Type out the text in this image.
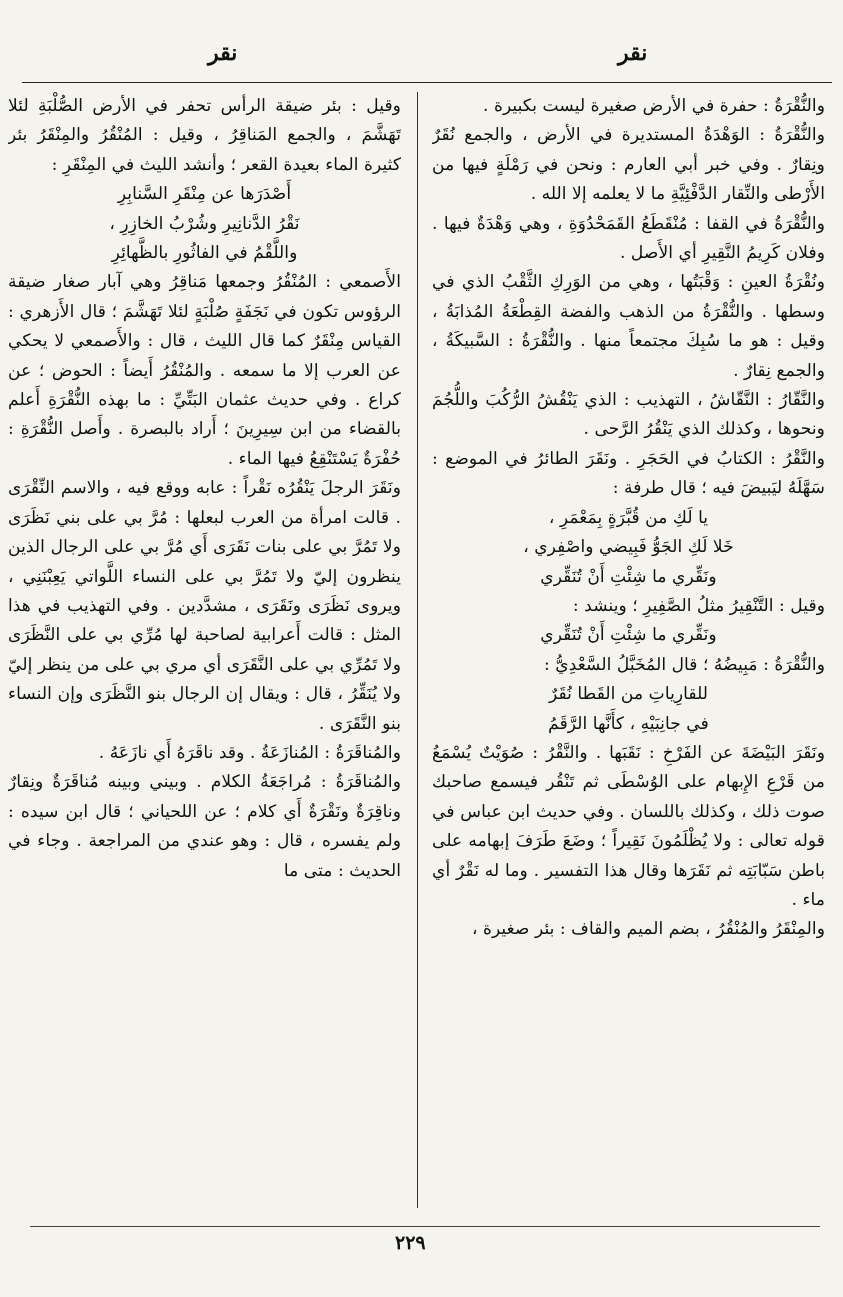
نقر
نقر

والنُّقْرَةُ : حفرة في الأرض صغيرة ليست بكبيرة .

والنُّقْرَةُ : الوَهْدَةُ المستديرة في الأرض ، والجمع نُقَرٌ ونِقارٌ . وفي خبر أبي العارم : ونحن في رَمْلَةٍ فيها من الأَرْطى والنِّقار الدَّفْئِيَّةِ ما لا يعلمه إلا الله .

والنُّقْرَةُ في القفا : مُنْقَطَعُ القَمَحْدُوَةِ ، وهي وَهْدَةٌ فيها . وفلان كَرِيمُ النَّقِيرِ أي الأَصل .

ونُقْرَةُ العينِ : وَقْبَتُها ، وهي من الوَرِكِ الثَّقْبُ الذي في وسطها . والنُّقْرَةُ من الذهب والفضة القِطْعَةُ المُذابَةُ ، وقيل : هو ما سُبِكَ مجتمعاً منها . والنُّقْرَةُ : السَّبيكَةُ ، والجمع نِقارٌ .

والنَّقّارُ : النَّقّاشُ ، التهذيب : الذي يَنْقُشُ الرُّكُبَ واللُّجُمَ ونحوها ، وكذلك الذي يَنْقُرُ الرَّحى .

والنَّقْرُ : الكتابُ في الحَجَرِ . ونَقَرَ الطائرُ في الموضع : سَهَّلَهُ ليَبيضَ فيه ؛ قال طرفة :

يا لَكِ من قُبَّرَةٍ بِمَعْمَرِ ،

خَلا لَكِ الجَوُّ فَبِيضي واصْفِري ،

ونَقِّري ما شِئْتِ أَنْ تُنَقِّري

وقيل : التَّنْقِيرُ مثلُ الصَّفِيرِ ؛ وينشد :

ونَقِّري ما شِئْتِ أَنْ تُنَقِّري

والنُّقْرَةُ : مَبِيضُهُ ؛ قال المُخَبَّلُ السَّعْدِيُّ :

للقارِياتِ من القَطا نُقَرٌ

في جانِبَيْهِ ، كأَنَّها الرَّقَمُ

ونَقَرَ البَيْضَةَ عن الفَرْخِ : نَقَبَها . والنَّقْرُ : صُوَيْتٌ يُسْمَعُ من قَرْعِ الإِبهام على الوُسْطَى ثم تَنْقُر فيسمع صاحبك صوت ذلك ، وكذلك باللسان . وفي حديث ابن عباس في قوله تعالى : ولا يُظْلَمُونَ نَقِيراً ؛ وضَعَ طَرَفَ إبهامه على باطن سَبّابَتِه ثم نَقَرَها وقال هذا التفسير . وما له نَقْرٌ أي ماء .

والمِنْقَرُ والمُنْقُرُ ، بضم الميم والقاف : بئر صغيرة ،

وقيل : بئر ضيقة الرأس تحفر في الأرض الصُّلْبَةِ لئلا تَهَشَّمَ ، والجمع المَناقِرُ ، وقيل : المُنْقُرُ والمِنْقَرُ بئر كثيرة الماء بعيدة القعر ؛ وأنشد الليث في المِنْقَرِ :

أَصْدَرَها عن مِنْقَرِ السَّنابِرِ

نَقْرُ الدَّنانِيرِ وشُرْبُ الخازِرِ ،

واللَّقْمُ في الفاثُورِ بالظَّهائِرِ

الأَصمعي : المُنْقُرُ وجمعها مَناقِرُ وهي آبار صغار ضيقة الرؤوس تكون في نَجَفَةٍ صُلْبَةٍ لئلا تَهَشَّمَ ؛ قال الأَزهري : القياس مِنْقَرٌ كما قال الليث ، قال : والأَصمعي لا يحكي عن العرب إلا ما سمعه . والمُنْقُرُ أَيضاً : الحوض ؛ عن كراع . وفي حديث عثمان البَتِّيِّ : ما بهذه النُّقْرَةِ أَعلم بالقضاء من ابن سِيرِينَ ؛ أَراد بالبصرة . وأَصل النُّقْرَةِ : حُفْرَةٌ يَسْتَنْقِعُ فيها الماء .

ونَقَرَ الرجلَ يَنْقُرُه نَقْراً : عابه ووقع فيه ، والاسم النِّقْرَى . قالت امرأة من العرب لبعلها : مُرَّ بي على بني نَظَرَى ولا تَمُرَّ بي على بنات نَقَرَى أَي مُرَّ بي على الرجال الذين ينظرون إليّ ولا تَمُرَّ بي على النساء اللَّواتي يَعِبْنَنِي ، ويروى نَظَرَى ونَقَرَى ، مشدَّدين . وفي التهذيب في هذا المثل : قالت أَعرابية لصاحبة لها مُرِّي بي على النَّظَرَى ولا تَمُرِّي بي على النَّقَرَى أي مري بي على من ينظر إليّ ولا يُنَقِّرُ ، قال : ويقال إن الرجال بنو النَّظَرَى وإن النساء بنو النَّقَرَى .

والمُناقَرَةُ : المُنازَعَةُ . وقد ناقَرَهُ أَي نازَعَهُ .

والمُناقَرَةُ : مُراجَعَةُ الكلام . وبيني وبينه مُناقَرَةٌ ونِقارٌ وناقِرَةٌ ونَقْرَةٌ أَي كلام ؛ عن اللحياني ؛ قال ابن سيده : ولم يفسره ، قال : وهو عندي من المراجعة . وجاء في الحديث : متى ما

٢٢٩
